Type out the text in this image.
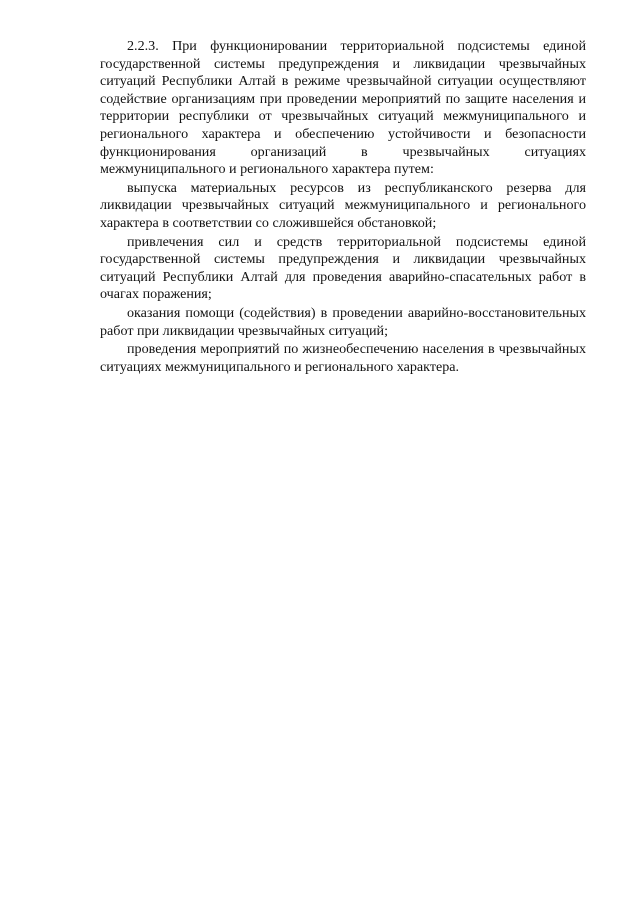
2.2.3. При функционировании территориальной подсистемы единой государственной системы предупреждения и ликвидации чрезвычайных ситуаций Республики Алтай в режиме чрезвычайной ситуации осуществляют содействие организациям при проведении мероприятий по защите населения и территории республики от чрезвычайных ситуаций межмуниципального и регионального характера и обеспечению устойчивости и безопасности функционирования организаций в чрезвычайных ситуациях межмуниципального и регионального характера путем:

выпуска материальных ресурсов из республиканского резерва для ликвидации чрезвычайных ситуаций межмуниципального и регионального характера в соответствии со сложившейся обстановкой;

привлечения сил и средств территориальной подсистемы единой государственной системы предупреждения и ликвидации чрезвычайных ситуаций Республики Алтай для проведения аварийно-спасательных работ в очагах поражения;

оказания помощи (содействия) в проведении аварийно-восстановительных работ при ликвидации чрезвычайных ситуаций;

проведения мероприятий по жизнеобеспечению населения в чрезвычайных ситуациях межмуниципального и регионального характера.
